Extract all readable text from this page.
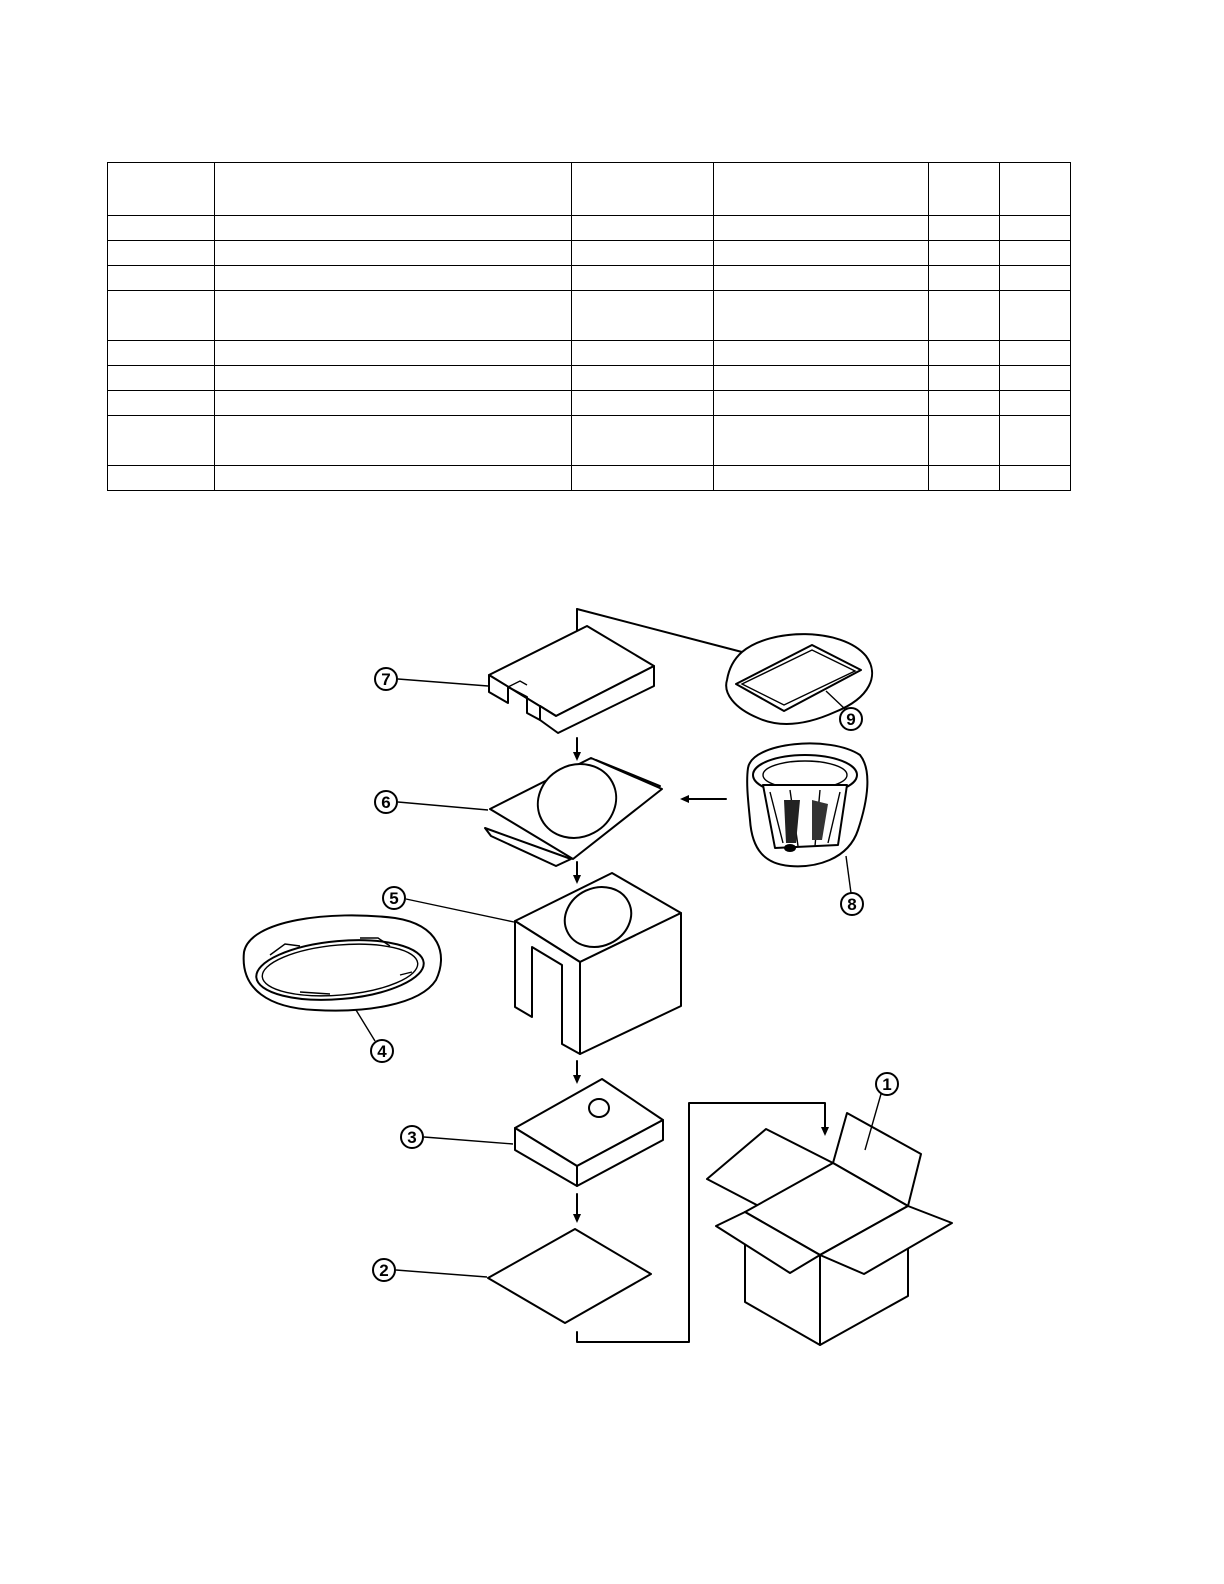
7
9
6
8
5
4
3
2
1
